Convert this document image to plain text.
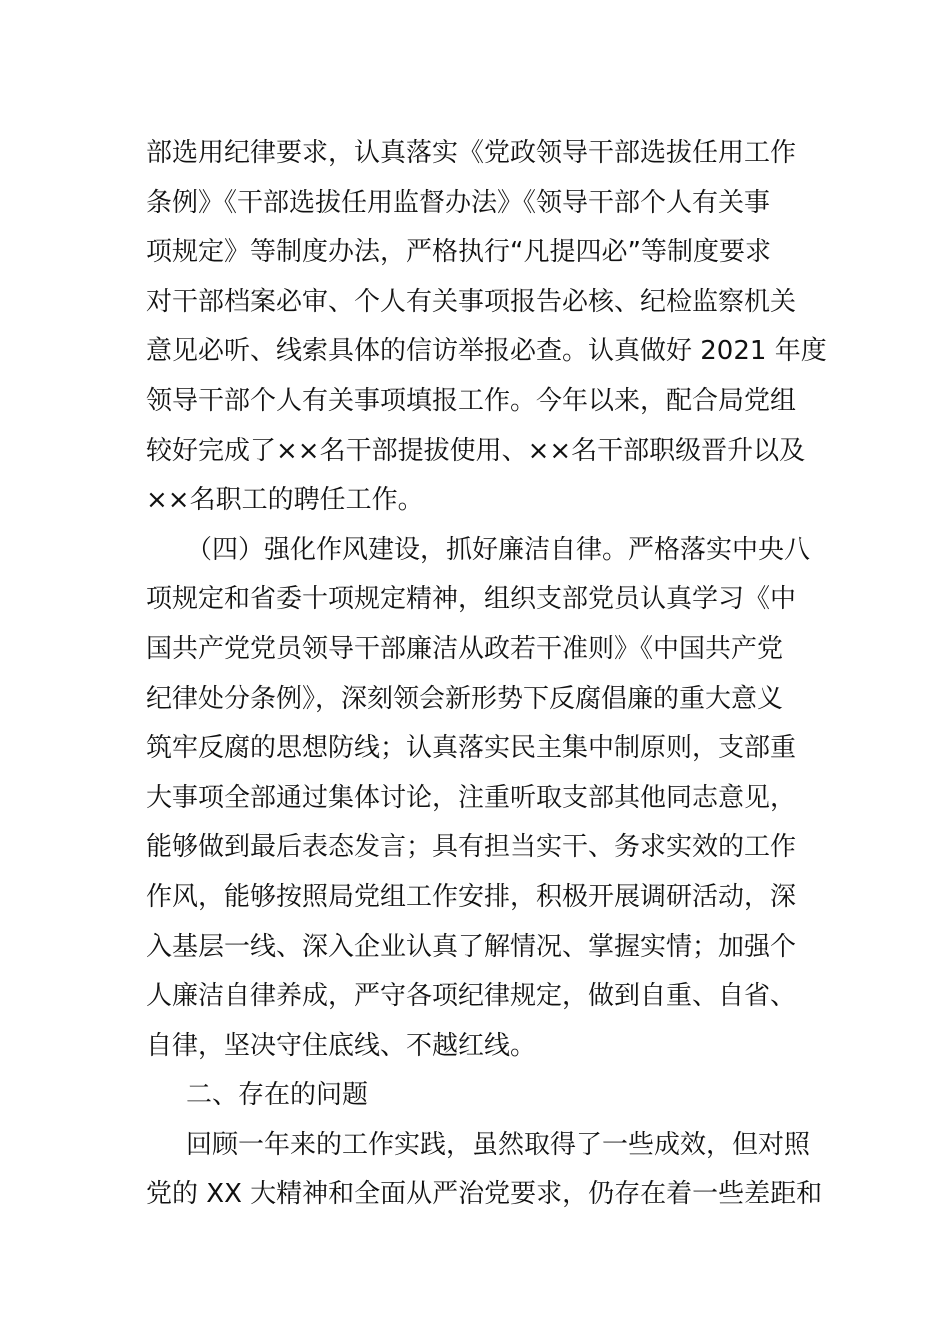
部选用纪律要求，认真落实《党政领导干部选拔任用工作
条例》《干部选拔任用监督办法》《领导干部个人有关事
项规定》等制度办法，严格执行“凡提四必”等制度要求
对干部档案必审、个人有关事项报告必核、纪检监察机关
意见必听、线索具体的信访举报必查。认真做好 2021 年度
领导干部个人有关事项填报工作。今年以来，配合局党组
较好完成了××名干部提拔使用、××名干部职级晋升以及
××名职工的聘任工作。
（四）强化作风建设，抓好廉洁自律。严格落实中央八
项规定和省委十项规定精神，组织支部党员认真学习《中
国共产党党员领导干部廉洁从政若干准则》《中国共产党
纪律处分条例》，深刻领会新形势下反腐倡廉的重大意义
筑牢反腐的思想防线；认真落实民主集中制原则，支部重
大事项全部通过集体讨论，注重听取支部其他同志意见，
能够做到最后表态发言；具有担当实干、务求实效的工作
作风，能够按照局党组工作安排，积极开展调研活动，深
入基层一线、深入企业认真了解情况、掌握实情；加强个
人廉洁自律养成，严守各项纪律规定，做到自重、自省、
自律，坚决守住底线、不越红线。
二、存在的问题
回顾一年来的工作实践，虽然取得了一些成效，但对照
党的 XX 大精神和全面从严治党要求，仍存在着一些差距和
